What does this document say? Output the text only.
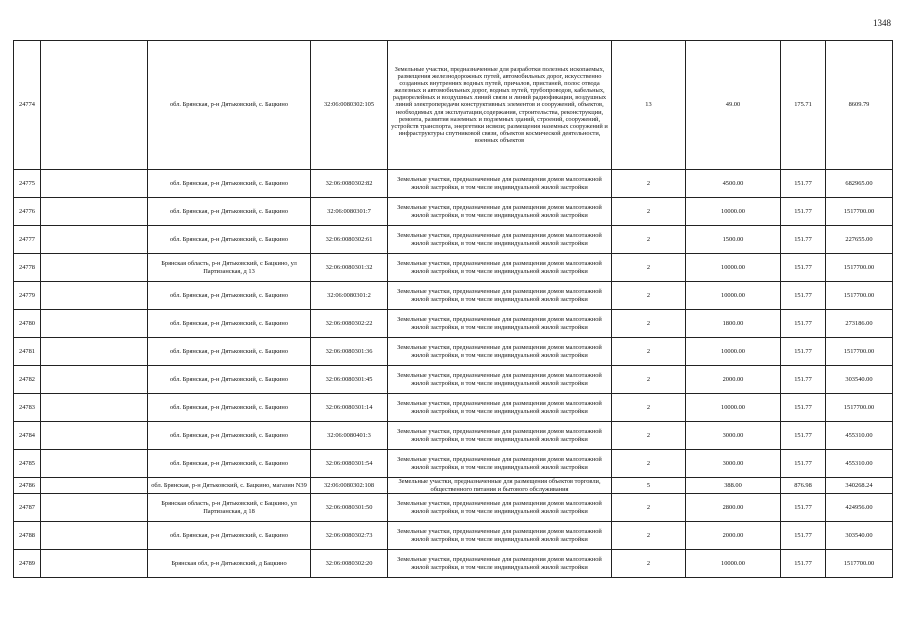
1348
24774		обл. Брянская, р-н Дятьковский, с. Бацкино	32:06:0080302:105	Земельные участки, предназначенные для разработки полезных ископаемых, размещения железнодорожных путей, автомобильных дорог, искусственно созданных внутренних водных путей, причалов, пристаней, полос отвода железных и автомобильных дорог, водных путей, трубопроводов, кабельных, радиорелейных и воздушных линий связи и линий радиофикации, воздушных линий электропередачи конструктивных элементов и сооружений, объектов, необходимых для эксплуатации,содержания, строительства, реконструкции, ремонта, развития наземных и подземных зданий, строений, сооружений, устройств транспорта, энергетики исвязи; размещения наземных сооружений и инфраструктуры спутниковой связи, объектов космической деятельности, военных объектов	13	49.00	175.71	8609.79
24775		обл. Брянская, р-н Дятьковский, с. Бацкино	32:06:0080302:82	Земельные участки, предназначенные для размещения домов малоэтажной жилой застройки, в том числе индивидуальной жилой застройки	2	4500.00	151.77	682965.00
24776		обл. Брянская, р-н Дятьковский, с. Бацкино	32:06:0080301:7	Земельные участки, предназначенные для размещения домов малоэтажной жилой застройки, в том числе индивидуальной жилой застройки	2	10000.00	151.77	1517700.00
24777		обл. Брянская, р-н Дятьковский, с. Бацкино	32:06:0080302:61	Земельные участки, предназначенные для размещения домов малоэтажной жилой застройки, в том числе индивидуальной жилой застройки	2	1500.00	151.77	227655.00
24778		Брянская область, р-н Дятьковский, с Бацкино, ул Партизанская, д 13	32:06:0080301:32	Земельные участки, предназначенные для размещения домов малоэтажной жилой застройки, в том числе индивидуальной жилой застройки	2	10000.00	151.77	1517700.00
24779		обл. Брянская, р-н Дятьковский, с. Бацкино	32:06:0080301:2	Земельные участки, предназначенные для размещения домов малоэтажной жилой застройки, в том числе индивидуальной жилой застройки	2	10000.00	151.77	1517700.00
24780		обл. Брянская, р-н Дятьковский, с. Бацкино	32:06:0080302:22	Земельные участки, предназначенные для размещения домов малоэтажной жилой застройки, в том числе индивидуальной жилой застройки	2	1800.00	151.77	273186.00
24781		обл. Брянская, р-н Дятьковский, с. Бацкино	32:06:0080301:36	Земельные участки, предназначенные для размещения домов малоэтажной жилой застройки, в том числе индивидуальной жилой застройки	2	10000.00	151.77	1517700.00
24782		обл. Брянская, р-н Дятьковский, с. Бацкино	32:06:0080301:45	Земельные участки, предназначенные для размещения домов малоэтажной жилой застройки, в том числе индивидуальной жилой застройки	2	2000.00	151.77	303540.00
24783		обл. Брянская, р-н Дятьковский, с. Бацкино	32:06:0080301:14	Земельные участки, предназначенные для размещения домов малоэтажной жилой застройки, в том числе индивидуальной жилой застройки	2	10000.00	151.77	1517700.00
24784		обл. Брянская, р-н Дятьковский, с. Бацкино	32:06:0080401:3	Земельные участки, предназначенные для размещения домов малоэтажной жилой застройки, в том числе индивидуальной жилой застройки	2	3000.00	151.77	455310.00
24785		обл. Брянская, р-н Дятьковский, с. Бацкино	32:06:0080301:54	Земельные участки, предназначенные для размещения домов малоэтажной жилой застройки, в том числе индивидуальной жилой застройки	2	3000.00	151.77	455310.00
24786		обл. Брянская, р-н Дятьковский, с. Бацкино, магазин N39	32:06:0080302:108	Земельные участки, предназначенные для размещения объектов торговли, общественного питания и бытового обслуживания	5	388.00	876.98	340268.24
24787		Брянская область, р-н Дятьковский, с Бацкино, ул Партизанская, д 18	32:06:0080301:50	Земельные участки, предназначенные для размещения домов малоэтажной жилой застройки, в том числе индивидуальной жилой застройки	2	2800.00	151.77	424956.00
24788		обл. Брянская, р-н Дятьковский, с. Бацкино	32:06:0080302:73	Земельные участки, предназначенные для размещения домов малоэтажной жилой застройки, в том числе индивидуальной жилой застройки	2	2000.00	151.77	303540.00
24789		Брянская обл, р-н Дятьковский, д Бацкино	32:06:0080302:20	Земельные участки, предназначенные для размещения домов малоэтажной жилой застройки, в том числе индивидуальной жилой застройки	2	10000.00	151.77	1517700.00
